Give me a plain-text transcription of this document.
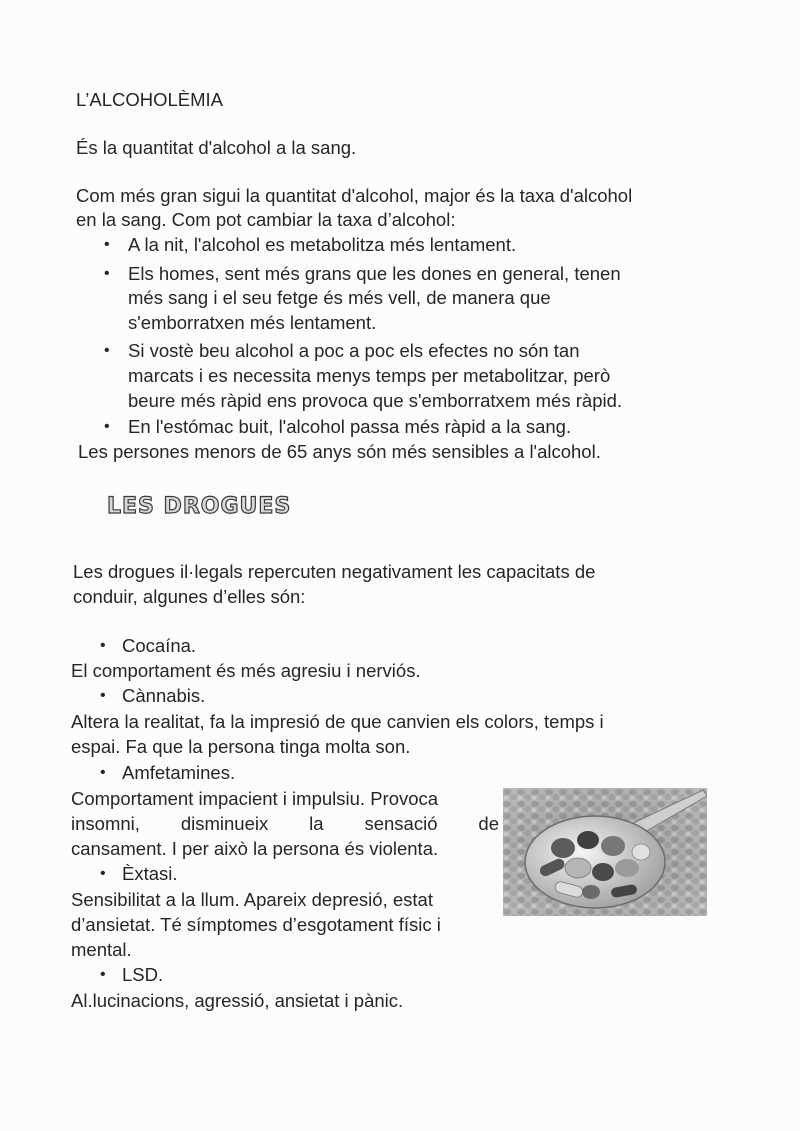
L’ALCOHOLÈMIA

És la quantitat d'alcohol a la sang.

Com més gran sigui la quantitat d'alcohol, major és la taxa d'alcohol

en la sang. Com pot cambiar la taxa d’alcohol:

• A la nit, l'alcohol es metabolitza més lentament.

• Els homes, sent més grans que les dones en general, tenen

més sang i el seu fetge és més vell, de manera que

s'emborratxen més lentament.

• Si vostè beu alcohol a poc a poc els efectes no són tan

marcats i es necessita menys temps per metabolitzar, però

beure més ràpid ens provoca que s'emborratxem més ràpid.

• En l'estómac buit, l'alcohol passa més ràpid a la sang.

Les persones menors de 65 anys són més sensibles a l'alcohol.

LES DROGUES

Les drogues il·legals repercuten negativament les capacitats de

conduir, algunes d’elles són:

• Cocaína.

El comportament és més agresiu i nerviós.

• Cànnabis.

Altera la realitat, fa la impresió de que canvien els colors, temps i

espai. Fa que la persona tinga molta son.

• Amfetamines.

Comportament impacient i impulsiu. Provoca

insomni, disminueix la sensació de

cansament. I per això la persona és violenta.

• Èxtasi.

Sensibilitat a la llum. Apareix depresió, estat

d’ansietat. Té símptomes d’esgotament físic i

mental.

• LSD.

Al.lucinacions, agressió, ansietat i pànic.
